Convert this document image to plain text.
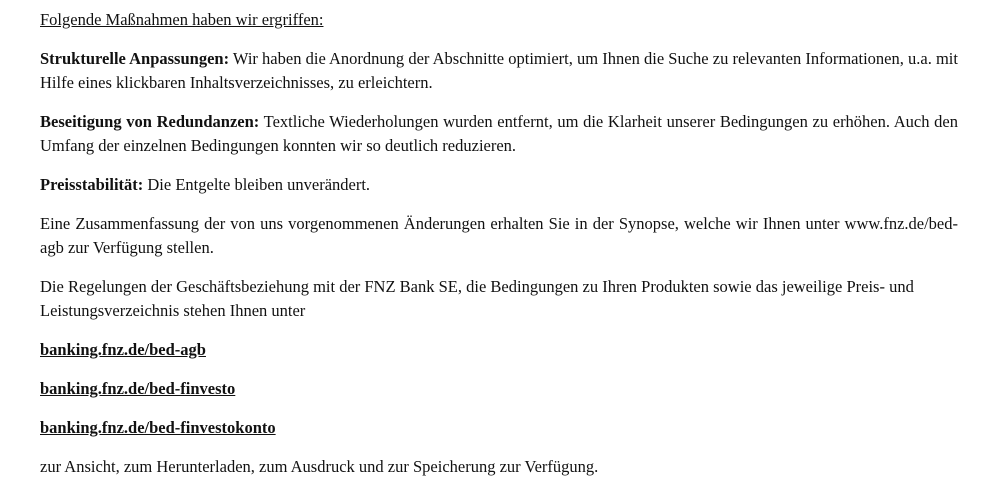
Folgende Maßnahmen haben wir ergriffen:

Strukturelle Anpassungen: Wir haben die Anordnung der Abschnitte optimiert, um Ihnen die Suche zu relevanten Informationen, u.a. mit Hilfe eines klickbaren Inhaltsverzeichnisses, zu erleichtern.

Beseitigung von Redundanzen: Textliche Wiederholungen wurden entfernt, um die Klarheit unserer Bedingungen zu erhöhen. Auch den Umfang der einzelnen Bedingungen konnten wir so deutlich reduzieren.

Preisstabilität: Die Entgelte bleiben unverändert.

Eine Zusammenfassung der von uns vorgenommenen Änderungen erhalten Sie in der Synopse, welche wir Ihnen unter www.fnz.de/bed-agb zur Verfügung stellen.

Die Regelungen der Geschäftsbeziehung mit der FNZ Bank SE, die Bedingungen zu Ihren Produkten sowie das jeweilige Preis- und Leistungsverzeichnis stehen Ihnen unter

banking.fnz.de/bed-agb
banking.fnz.de/bed-finvesto
banking.fnz.de/bed-finvestokonto
zur Ansicht, zum Herunterladen, zum Ausdruck und zur Speicherung zur Verfügung.
